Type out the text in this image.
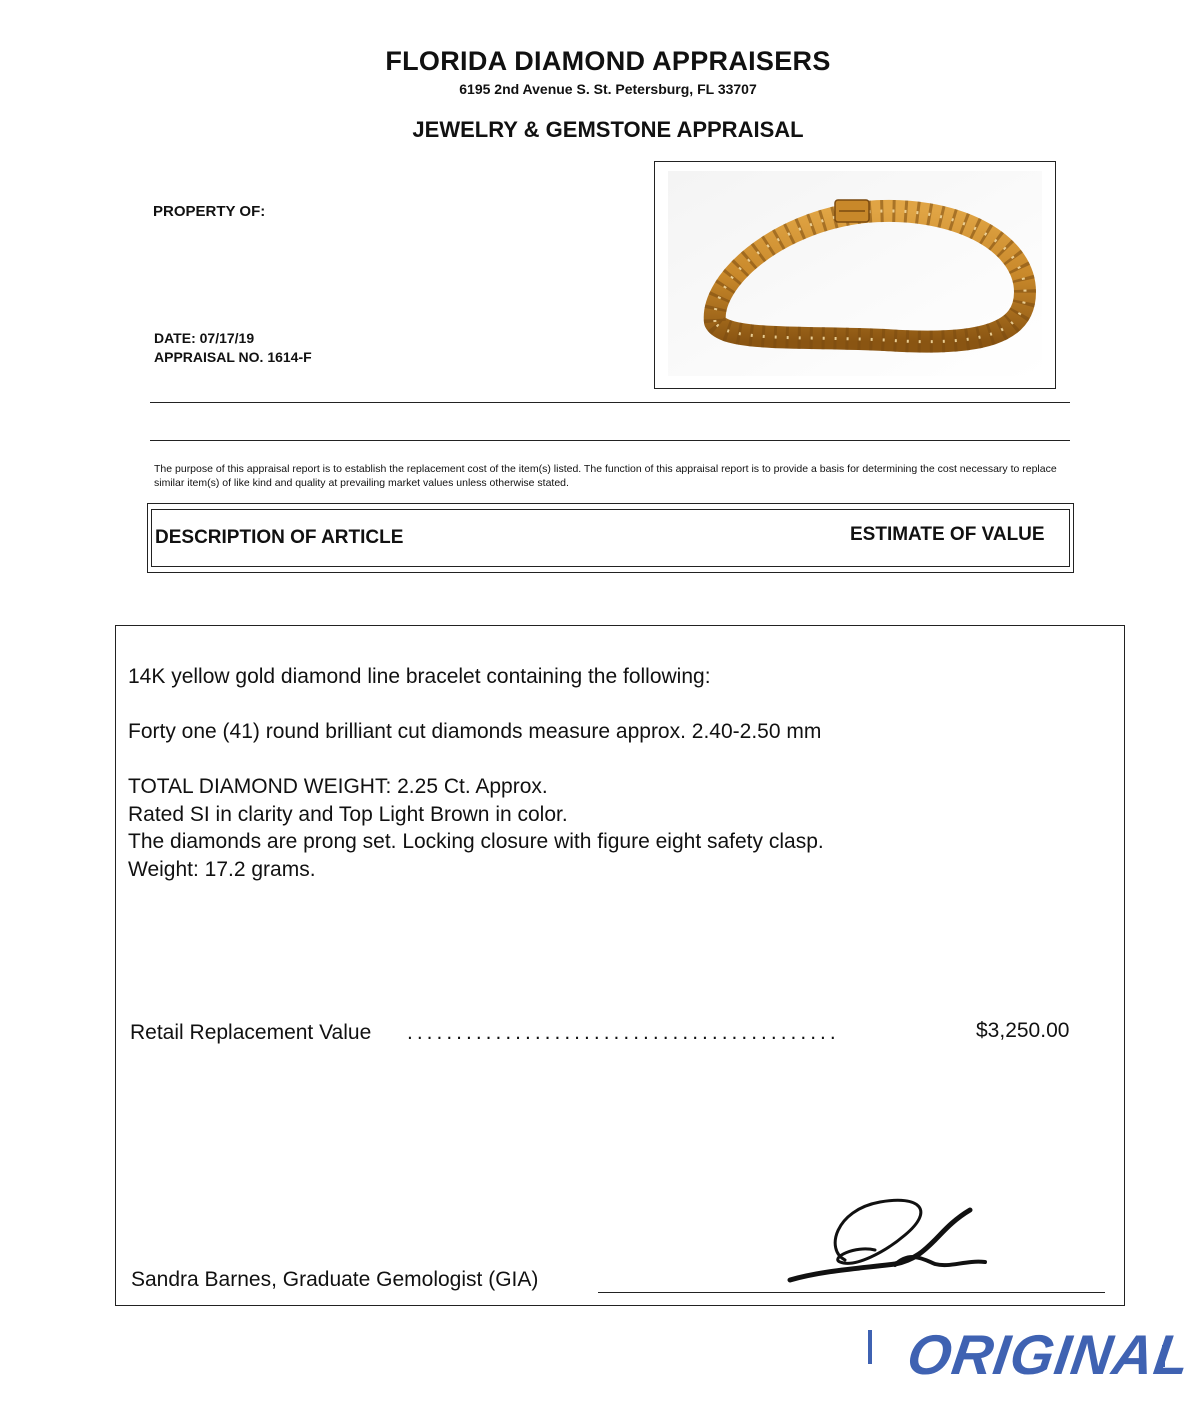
FLORIDA DIAMOND APPRAISERS
6195 2nd Avenue S. St. Petersburg, FL 33707
JEWELRY & GEMSTONE APPRAISAL
PROPERTY OF:
DATE: 07/17/19
APPRAISAL NO. 1614-F
The purpose of this appraisal report is to establish the replacement cost of the item(s) listed. The function of this appraisal report is to provide a basis for determining the cost necessary to replace similar item(s) of like kind and quality at prevailing market values unless otherwise stated.
DESCRIPTION OF ARTICLE	ESTIMATE OF VALUE
14K yellow gold diamond line bracelet containing the following:
Forty one (41) round brilliant cut diamonds measure approx. 2.40-2.50 mm
TOTAL DIAMOND WEIGHT: 2.25 Ct. Approx.
Rated SI in clarity and Top Light Brown in color.
The diamonds are prong set. Locking closure with figure eight safety clasp.
Weight: 17.2 grams.
Retail Replacement Value ............................................	$3,250.00
Sandra Barnes, Graduate Gemologist (GIA)
ORIGINAL
